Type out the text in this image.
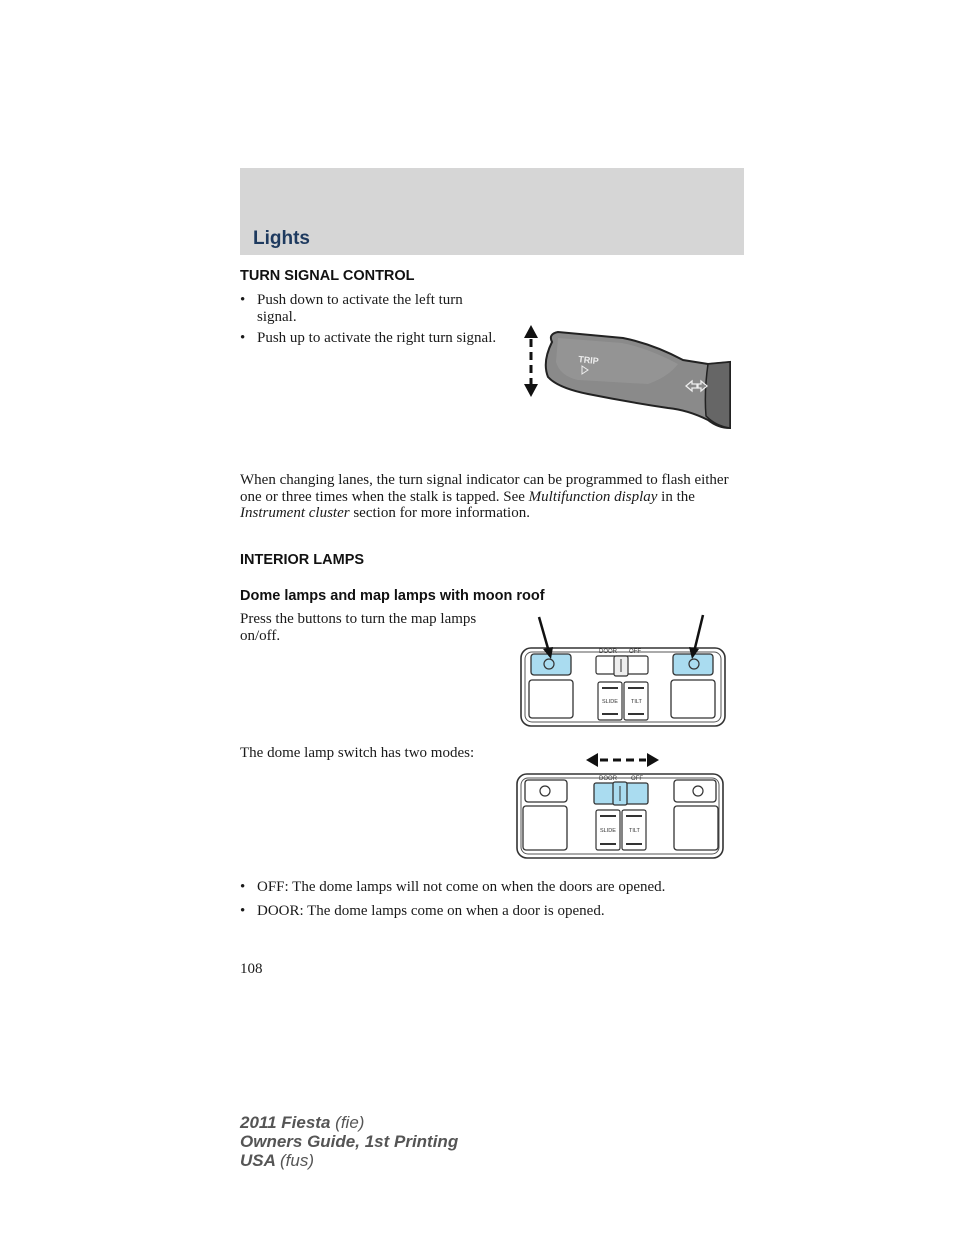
Lights
TURN SIGNAL CONTROL
• Push down to activate the left turn signal.
• Push up to activate the right turn signal.
TRIP
When changing lanes, the turn signal indicator can be programmed to flash either one or three times when the stalk is tapped. See Multifunction display in the Instrument cluster section for more information.
INTERIOR LAMPS
Dome lamps and map lamps with moon roof
Press the buttons to turn the map lamps on/off.
DOOR OFF
SLIDE TILT
The dome lamp switch has two modes:
DOOR OFF
SLIDE TILT
• OFF: The dome lamps will not come on when the doors are opened.
• DOOR: The dome lamps come on when a door is opened.
108
2011 Fiesta (fie)
Owners Guide, 1st Printing
USA (fus)
